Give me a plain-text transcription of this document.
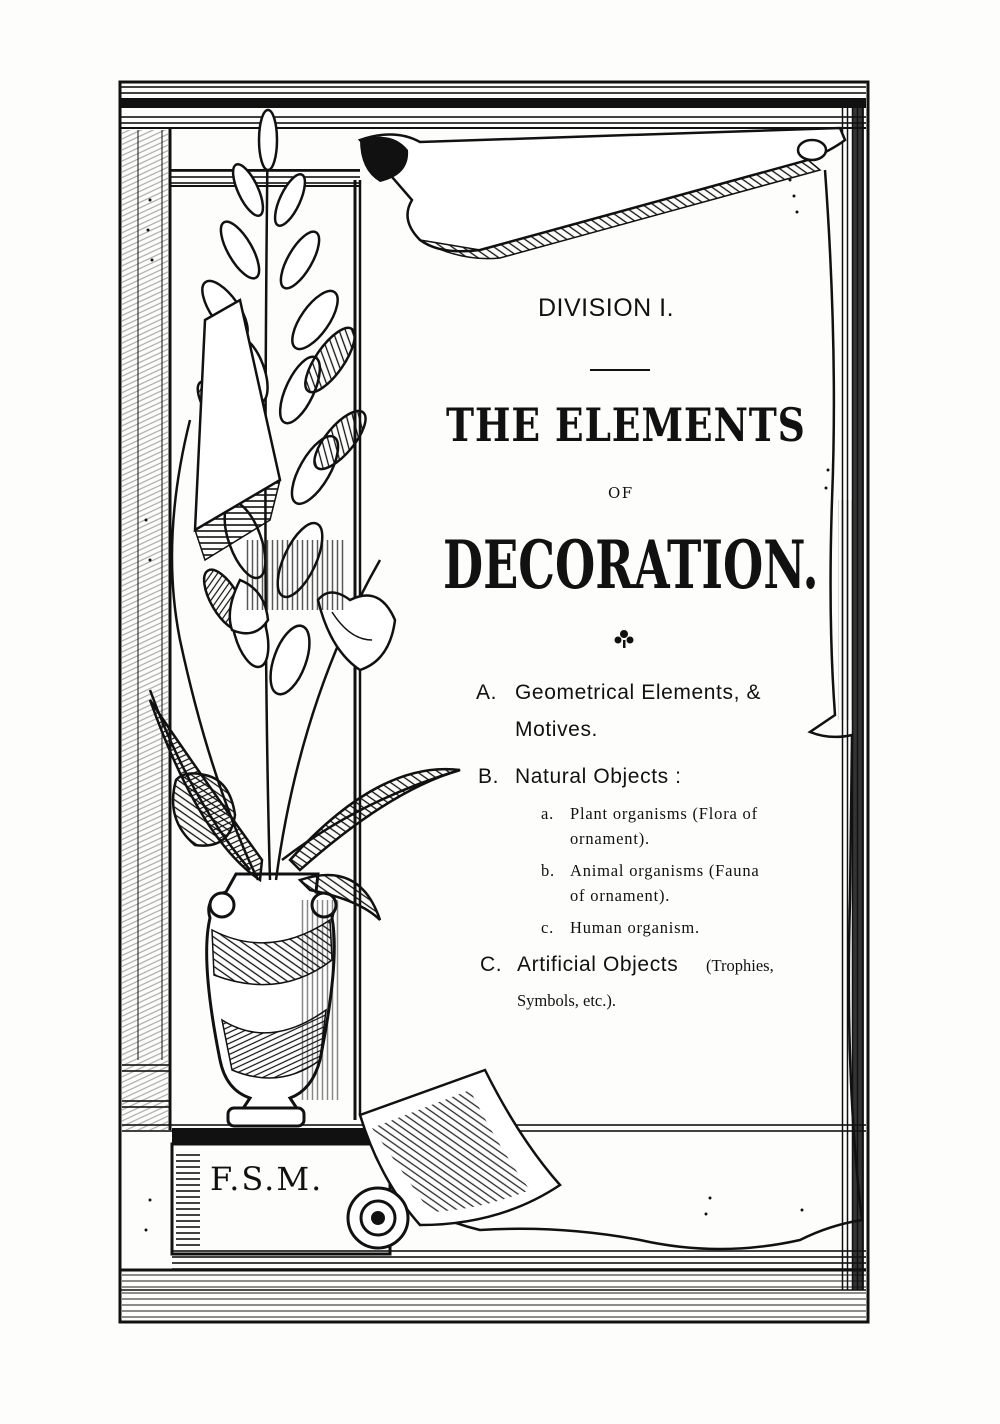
DIVISION I.

THE ELEMENTS

OF

DECORATION.

A. Geometrical Elements, &
Motives.
B. Natural Objects :
a. Plant organisms (Flora of
ornament).
b. Animal organisms (Fauna
of ornament).
c. Human organism.
C. Artificial Objects (Trophies,
Symbols, etc.).
F.S.M.
